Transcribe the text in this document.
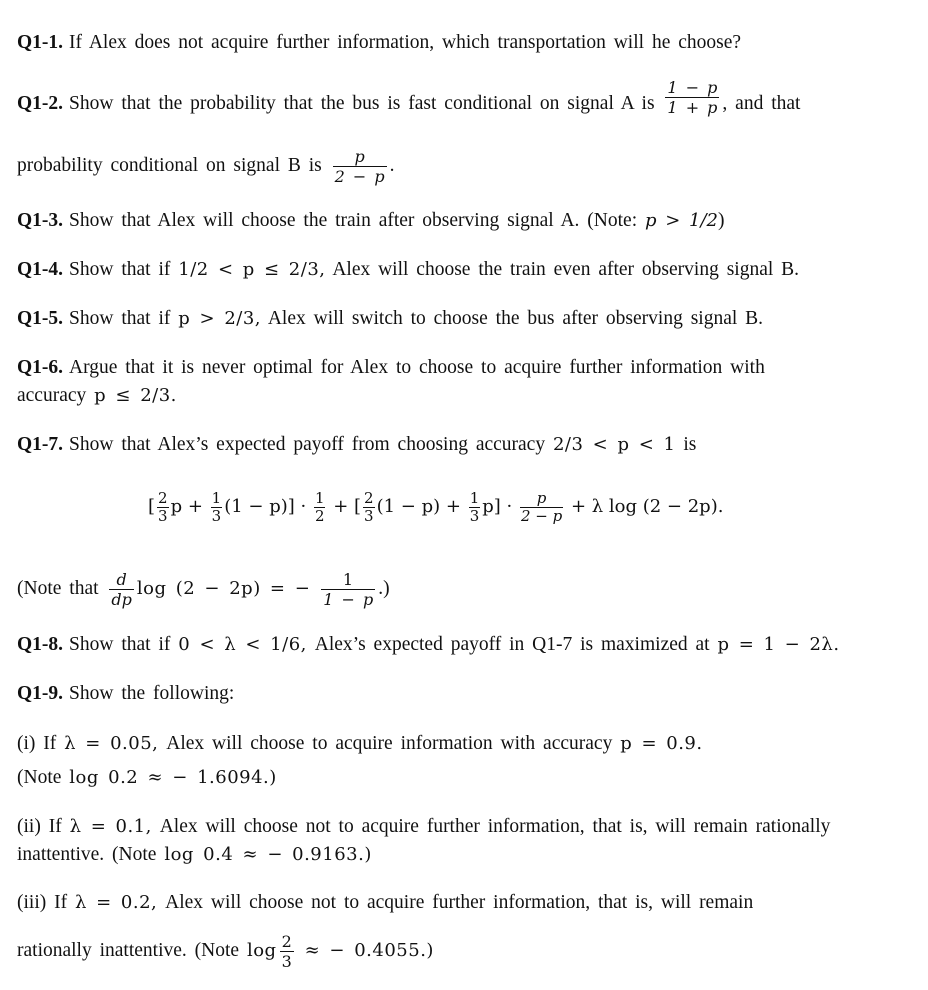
Q1-1. If Alex does not acquire further information, which transportation will he choose?
Q1-2. Show that the probability that the bus is fast conditional on signal A is $\frac{1 - p}{1 + p}$ , and that
probability conditional on signal B is $\frac{p}{2 - p}$ .
Q1-3. Show that Alex will choose the train after observing signal A. (Note: p > 1/2)
Q1-4. Show that if 1/2 < p ≤ 2/3, Alex will choose the train even after observing signal B.
Q1-5. Show that if p > 2/3, Alex will switch to choose the bus after observing signal B.
Q1-6. Argue that it is never optimal for Alex to choose to acquire further information with
accuracy p ≤ 2/3.
Q1-7. Show that Alex’s expected payoff from choosing accuracy 2/3 < p < 1 is
[ $\frac{2}{3}$ $p + \frac{1}{3} (1 - p)] \cdot \frac{1}{2}$ + [ $\frac{2}{3} (1 - p) + \frac{1}{3} p] \cdot \frac{p}{2 - p} + \lambda$ log (2 − 2p).
(Note that $\frac{d}{dp}$ log (2 − 2p) = − $\frac{1}{1 - p}$ .)
Q1-8. Show that if 0 < λ < 1/6, Alex’s expected payoff in Q1-7 is maximized at p = 1 − 2λ.
Q1-9. Show the following:
(i) If λ = 0.05, Alex will choose to acquire information with accuracy p = 0.9.
(Note log 0.2 ≈ − 1.6094.)
(ii) If λ = 0.1, Alex will choose not to acquire further information, that is, will remain rationally
inattentive. (Note log 0.4 ≈ − 0.9163.)
(iii) If λ = 0.2, Alex will choose not to acquire further information, that is, will remain
rationally inattentive. (Note $\log \frac{2}{3}$ ≈ − 0.4055.)
